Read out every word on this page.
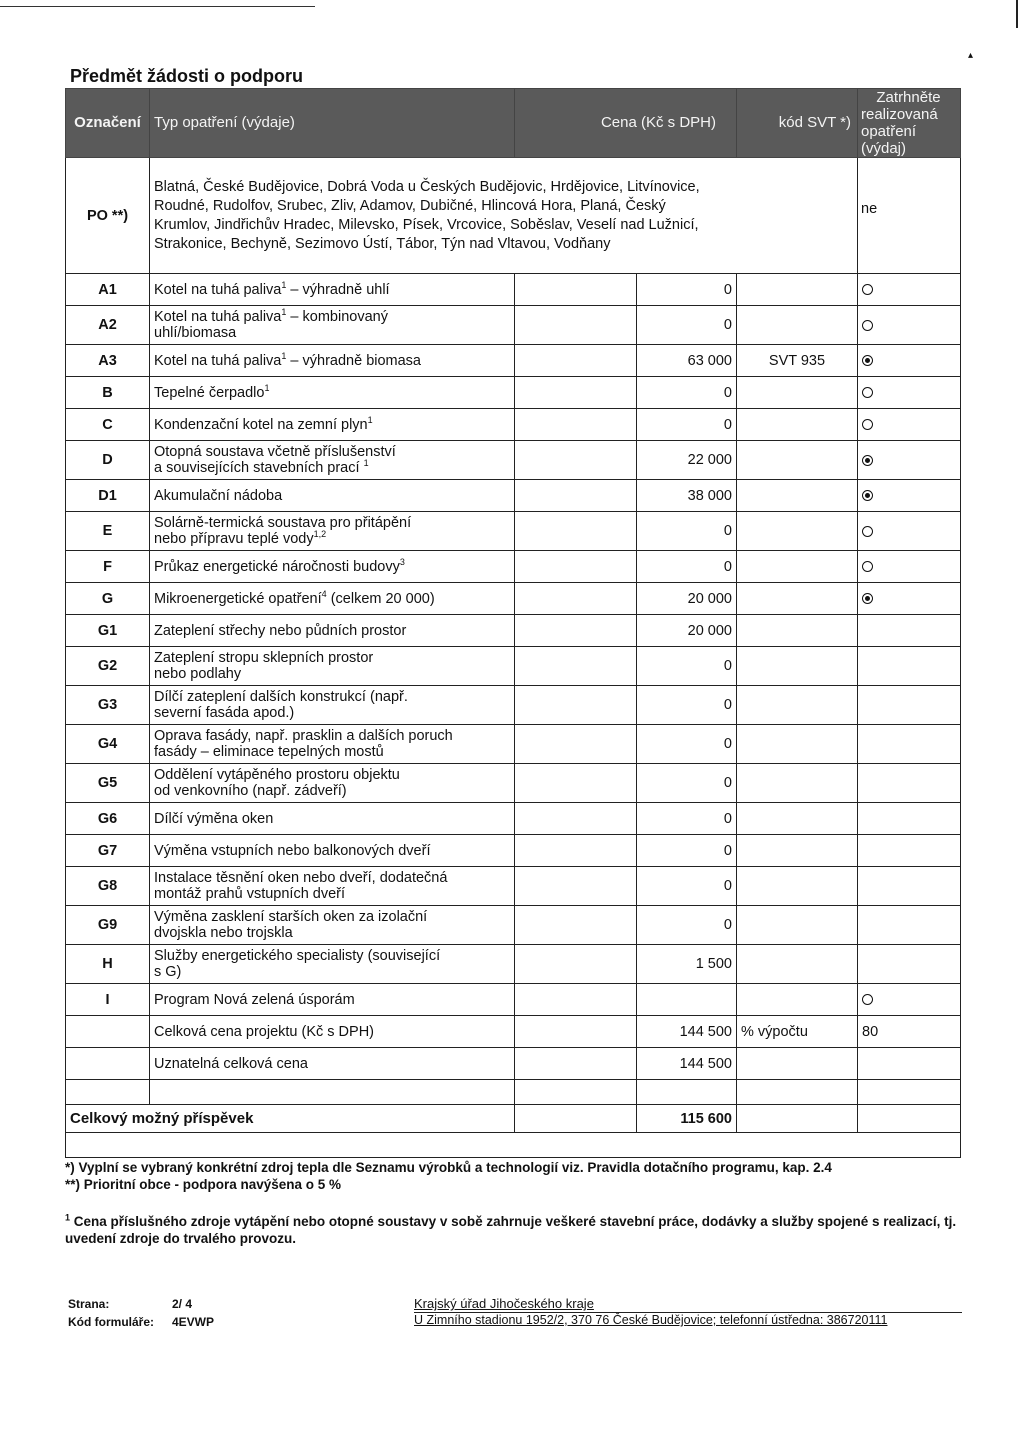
▴
Předmět žádosti o podporu
Označení	Typ opatření (výdaje)	Cena (Kč s DPH)		kód SVT *)	Zatrhněte
realizovaná
opatření (výdaj)

PO **)	Blatná, České Budějovice, Dobrá Voda u Českých Budějovic, Hrdějovice, Litvínovice,
Roudné, Rudolfov, Srubec, Zliv, Adamov, Dubičné, Hlincová Hora, Planá, Český
Krumlov, Jindřichův Hradec, Milevsko, Písek, Vrcovice, Soběslav, Veselí nad Lužnicí,
Strakonice, Bechyně, Sezimovo Ústí, Tábor, Týn nad Vltavou, Vodňany				ne
A1	Kotel na tuhá paliva$^1$ – výhradně uhlí		0		
A2	Kotel na tuhá paliva$^1$ – kombinovaný
uhlí/biomasa		0		
A3	Kotel na tuhá paliva$^1$ – výhradně biomasa		63 000	SVT 935	
B	Tepelné čerpadlo$^1$		0		
C	Kondenzační kotel na zemní plyn$^1$		0		
D	Otopná soustava včetně příslušenství
a souvisejících stavebních prací $^1$		22 000		
D1	Akumulační nádoba		38 000		
E	Solárně-termická soustava pro přitápění
nebo přípravu teplé vody$^{1,2}$		0		
F	Průkaz energetické náročnosti budovy$^3$		0		
G	Mikroenergetické opatření$^4$ (celkem 20 000)		20 000		
G1	Zateplení střechy nebo půdních prostor		20 000		
G2	Zateplení stropu sklepních prostor
nebo podlahy		0		
G3	Dílčí zateplení dalších konstrukcí (např.
severní fasáda apod.)		0		
G4	Oprava fasády, např. prasklin a dalších poruch
fasády – eliminace tepelných mostů		0		
G5	Oddělení vytápěného prostoru objektu
od venkovního (např. zádveří)		0		
G6	Dílčí výměna oken		0		
G7	Výměna vstupních nebo balkonových dveří		0		
G8	Instalace těsnění oken nebo dveří, dodatečná
montáž prahů vstupních dveří		0		
G9	Výměna zasklení starších oken za izolační
dvojskla nebo trojskla		0		
H	Služby energetického specialisty (související
s G)		1 500		
I	Program Nová zelená úsporám				

	Celková cena projektu (Kč s DPH)		144 500	% výpočtu	80
	Uznatelná celková cena		144 500		

Celkový možný příspěvek			115 600		

*) Vyplní se vybraný konkrétní zdroj tepla dle Seznamu výrobků a technologií viz. Pravidla dotačního programu, kap. 2.4
**) Prioritní obce - podpora navýšena o 5 %
$^1$ Cena příslušného zdroje vytápění nebo otopné soustavy v sobě zahrnuje veškeré stavební práce, dodávky a služby spojené s realizací, tj. uvedení zdroje do trvalého provozu.
Strana:	2/ 4
Kód formuláře: 4EVWP
Krajský úřad Jihočeského kraje
U Zimního stadionu 1952/2, 370 76 České Budějovice; telefonní ústředna: 386720111
